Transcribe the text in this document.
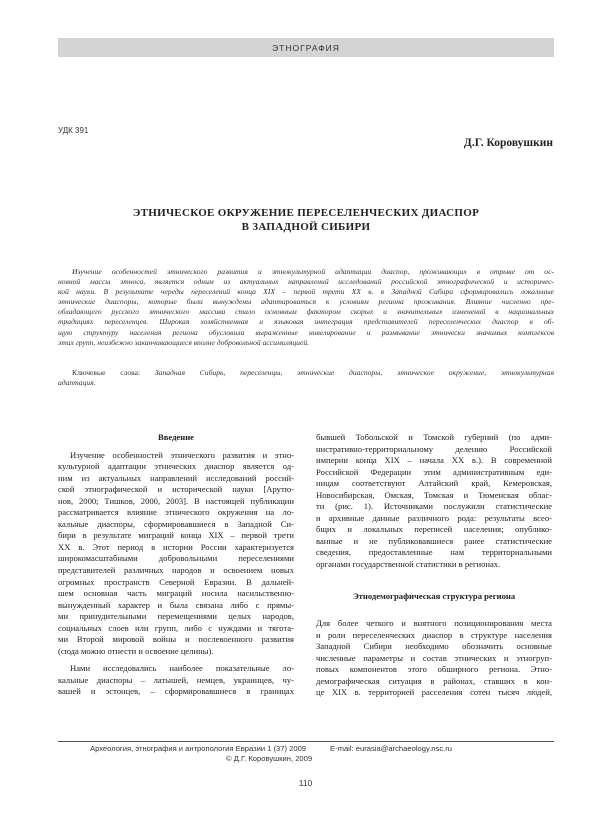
ЭТНОГРАФИЯ
УДК 391
Д.Г. Коровушкин
ЭТНИЧЕСКОЕ ОКРУЖЕНИЕ ПЕРЕСЕЛЕНЧЕСКИХ ДИАСПОР
В ЗАПАДНОЙ СИБИРИ
Изучение особенностей этнического развития и этнокультурной адаптации диаспор, проживающих в отрыве от ос-
новной массы этноса, является одним из актуальных направлений исследований российской этнографической и историчес-
кой науки. В результате череды переселений конца XIX – первой трети XX в. в Западной Сибири сформировались локальные
этнические диаспоры, которые были вынуждены адаптироваться к условиям региона проживания. Влияние численно пре-
обладающего русского этнического массива стало основным фактором скорых и значительных изменений в национальных
традициях переселенцев. Широкая хозяйственная и языковая интеграция представителей переселенческих диаспор в об-
щую структуру населения региона обусловила выраженные нивелирование и размывание этнически значимых комплексов
этих групп, неизбежно заканчивающиеся вполне добровольной ассимиляцией.
Ключевые слова: Западная Сибирь, переселенцы, этнические диаспоры, этническое окружение, этнокультурная
адаптация.
Введение
Изучение особенностей этнического развития и этно-
культурной адаптации этнических диаспор является од-
ним из актуальных направлений исследований россий-
ской этнографической и исторической науки [Арутю-
нов, 2000; Тишков, 2000, 2003]. В настоящей публикации
рассматривается влияние этнического окружения на ло-
кальные диаспоры, сформировавшиеся в Западной Си-
бири в результате миграций конца XIX – первой трети
XX в. Этот период в истории России характеризуется
широкомасштабными добровольными переселениями
представителей различных народов и освоением новых
огромных пространств Северной Евразии. В дальней-
шем основная часть миграций носила насильственно-
вынужденный характер и была связана либо с прямы-
ми принудительными перемещениями целых народов,
социальных слоев или групп, либо с нуждами и тягота-
ми Второй мировой войны и послевоенного развития
(сюда можно отнести и освоение целины).
Нами исследовались наиболее показательные ло-
кальные диаспоры – латышей, немцев, украинцев, чу-
вашей и эстонцев, – сформировавшиеся в границах
бывшей Тобольской и Томской губерний (по адми-
нистративно-территориальному делению Российской
империи конца XIX – начала XX в.). В современной
Российской Федерации этим административным еди-
ницам соответствуют Алтайский край, Кемеровская,
Новосибирская, Омская, Томская и Тюменская облас-
ти (рис. 1). Источниками послужили статистические
и архивные данные различного рода: результаты всео-
бщих и локальных переписей населения; опублико-
ванные и не публиковавшиеся ранее статистические
сведения, предоставленные нам территориальными
органами государственной статистики в регионах.
Этнодемографическая структура региона
Для более четкого и внятного позиционирования места
и роли переселенческих диаспор в структуре населения
Западной Сибири необходимо обозначить основные
численные параметры и состав этнических и этногруп-
повых компонентов этого обширного региона. Этно-
демографическая ситуация в районах, ставших в кон-
це XIX в. территорией расселения сотен тысяч людей,
Археология, этнография и антропология Евразии 1 (37) 2009	E-mail: eurasia@archaeology.nsc.ru
© Д.Г. Коровушкин, 2009
110
